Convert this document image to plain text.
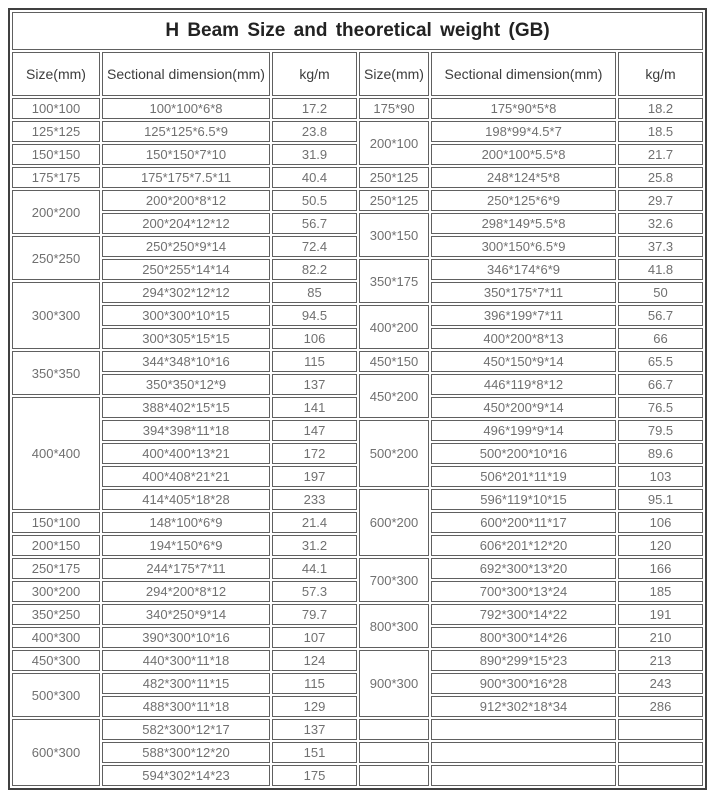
H Beam Size and theoretical weight (GB)					
Size(mm)	Sectional dimension(mm)	kg/m	Size(mm)	Sectional dimension(mm)	kg/m
100*100	100*100*6*8	17.2	175*90	175*90*5*8	18.2
125*125	125*125*6.5*9	23.8	200*100	198*99*4.5*7	18.5
150*150	150*150*7*10	31.9		200*100*5.5*8	21.7
175*175	175*175*7.5*11	40.4	250*125	248*124*5*8	25.8
200*200	200*200*8*12	50.5	250*125	250*125*6*9	29.7
	200*204*12*12	56.7	300*150	298*149*5.5*8	32.6
250*250	250*250*9*14	72.4		300*150*6.5*9	37.3
	250*255*14*14	82.2	350*175	346*174*6*9	41.8
300*300	294*302*12*12	85		350*175*7*11	50
	300*300*10*15	94.5	400*200	396*199*7*11	56.7
	300*305*15*15	106		400*200*8*13	66
350*350	344*348*10*16	115	450*150	450*150*9*14	65.5
	350*350*12*9	137	450*200	446*119*8*12	66.7
400*400	388*402*15*15	141		450*200*9*14	76.5
	394*398*11*18	147	500*200	496*199*9*14	79.5
	400*400*13*21	172		500*200*10*16	89.6
	400*408*21*21	197		506*201*11*19	103
	414*405*18*28	233	600*200	596*119*10*15	95.1
150*100	148*100*6*9	21.4		600*200*11*17	106
200*150	194*150*6*9	31.2		606*201*12*20	120
250*175	244*175*7*11	44.1	700*300	692*300*13*20	166
300*200	294*200*8*12	57.3		700*300*13*24	185
350*250	340*250*9*14	79.7	800*300	792*300*14*22	191
400*300	390*300*10*16	107		800*300*14*26	210
450*300	440*300*11*18	124	900*300	890*299*15*23	213
500*300	482*300*11*15	115		900*300*16*28	243
	488*300*11*18	129		912*302*18*34	286
600*300	582*300*12*17	137			
	588*300*12*20	151			
	594*302*14*23	175			
